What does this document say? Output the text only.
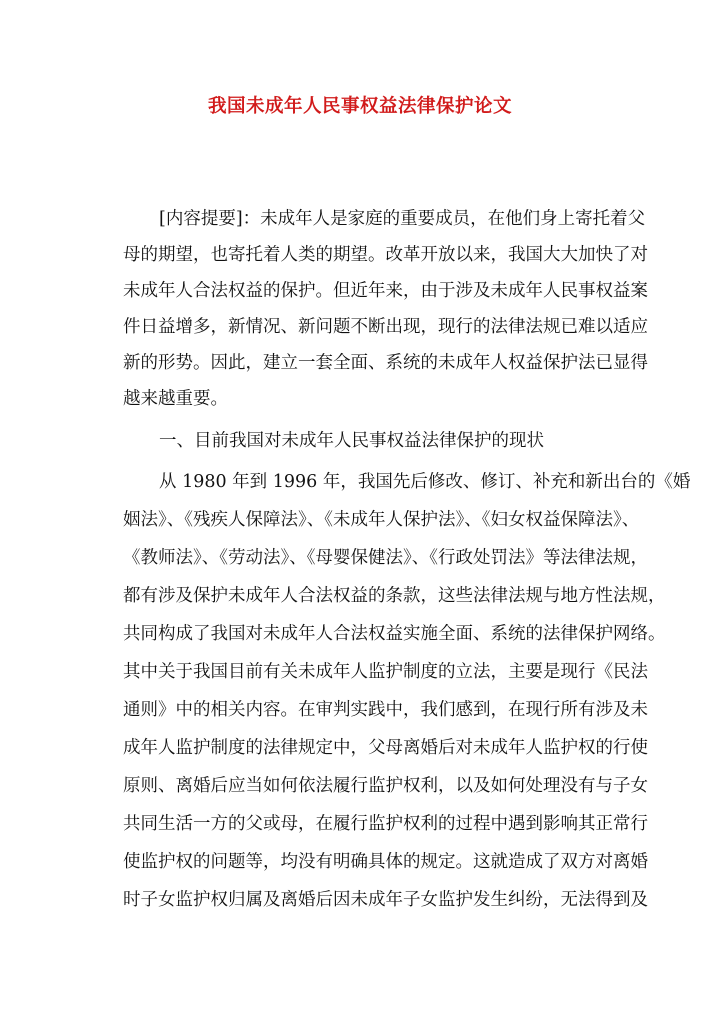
我国未成年人民事权益法律保护论文
[内容提要]：未成年人是家庭的重要成员，在他们身上寄托着父
母的期望，也寄托着人类的期望。改革开放以来，我国大大加快了对
未成年人合法权益的保护。但近年来，由于涉及未成年人民事权益案
件日益增多，新情况、新问题不断出现，现行的法律法规已难以适应
新的形势。因此，建立一套全面、系统的未成年人权益保护法已显得
越来越重要。
一、目前我国对未成年人民事权益法律保护的现状
从 1980 年到 1996 年，我国先后修改、修订、补充和新出台的《婚
姻法》、《残疾人保障法》、《未成年人保护法》、《妇女权益保障法》、
《教师法》、《劳动法》、《母婴保健法》、《行政处罚法》等法律法规，
都有涉及保护未成年人合法权益的条款，这些法律法规与地方性法规，
共同构成了我国对未成年人合法权益实施全面、系统的法律保护网络。
其中关于我国目前有关未成年人监护制度的立法，主要是现行《民法
通则》中的相关内容。在审判实践中，我们感到，在现行所有涉及未
成年人监护制度的法律规定中，父母离婚后对未成年人监护权的行使
原则、离婚后应当如何依法履行监护权利，以及如何处理没有与子女
共同生活一方的父或母，在履行监护权利的过程中遇到影响其正常行
使监护权的问题等，均没有明确具体的规定。这就造成了双方对离婚
时子女监护权归属及离婚后因未成年子女监护发生纠纷，无法得到及
